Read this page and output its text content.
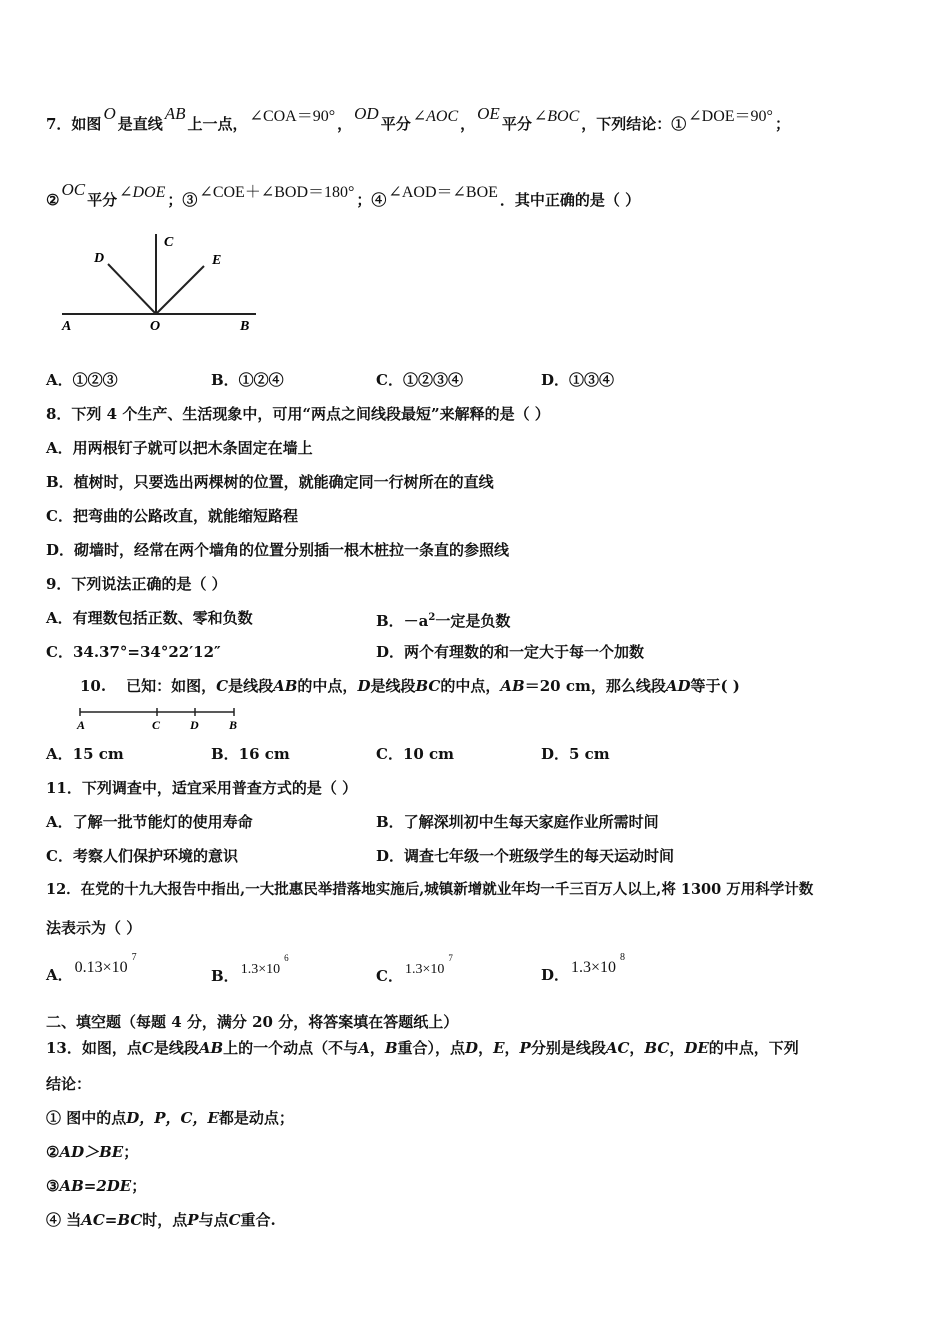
7．如图O是直线AB上一点， ∠COA＝90° ，OD平分 ∠AOC ，OE平分 ∠BOC ，下列结论：① ∠DOE＝90° ；
②OC平分 ∠DOE ；③ ∠COE＋∠BOD＝180° ；④ ∠AOD＝∠BOE ．其中正确的是（ ）
A	O	B
C
D	E
A．①②③	B．①②④	C．①②③④	D．①③④
8．下列 4 个生产、生活现象中，可用“两点之间线段最短”来解释的是（ ）
A．用两根钉子就可以把木条固定在墙上
B．植树时，只要选出两棵树的位置，就能确定同一行树所在的直线
C．把弯曲的公路改直，就能缩短路程
D．砌墙时，经常在两个墙角的位置分别插一根木桩拉一条直的参照线
9．下列说法正确的是（ ）
A．有理数包括正数、零和负数	B．$-a^2$一定是负数
C．34.37°=34°22′12″	D．两个有理数的和一定大于每一个加数
10. 已知：如图，C是线段AB的中点，D是线段BC的中点，AB＝20 cm，那么线段AD等于( )
A	C D	B
A．15 cm	B．16 cm	C．10 cm	D．5 cm
11．下列调查中，适宜采用普查方式的是（ ）
A．了解一批节能灯的使用寿命	B．了解深圳初中生每天家庭作业所需时间
C．考察人们保护环境的意识	D．调查七年级一个班级学生的每天运动时间
12．在党的十九大报告中指出,一大批惠民举措落地实施后,城镇新增就业年均一千三百万人以上,将 1300 万用科学计数
法表示为（ ）
A． $0.13\times 10^7$
B． $1.3\times 10^6$
C． $1.3\times 10^7$
D． $1.3\times 10^8$
二、填空题（每题 4 分，满分 20 分，将答案填在答题纸上）
13．如图，点C是线段AB上的一个动点（不与A，B重合），点D，E，P分别是线段AC，BC，DE的中点，下列
结论：
① 图中的点D，P，C，E都是动点；
②AD＞BE；
③AB=2DE；
④ 当AC=BC时，点P与点C重合.
